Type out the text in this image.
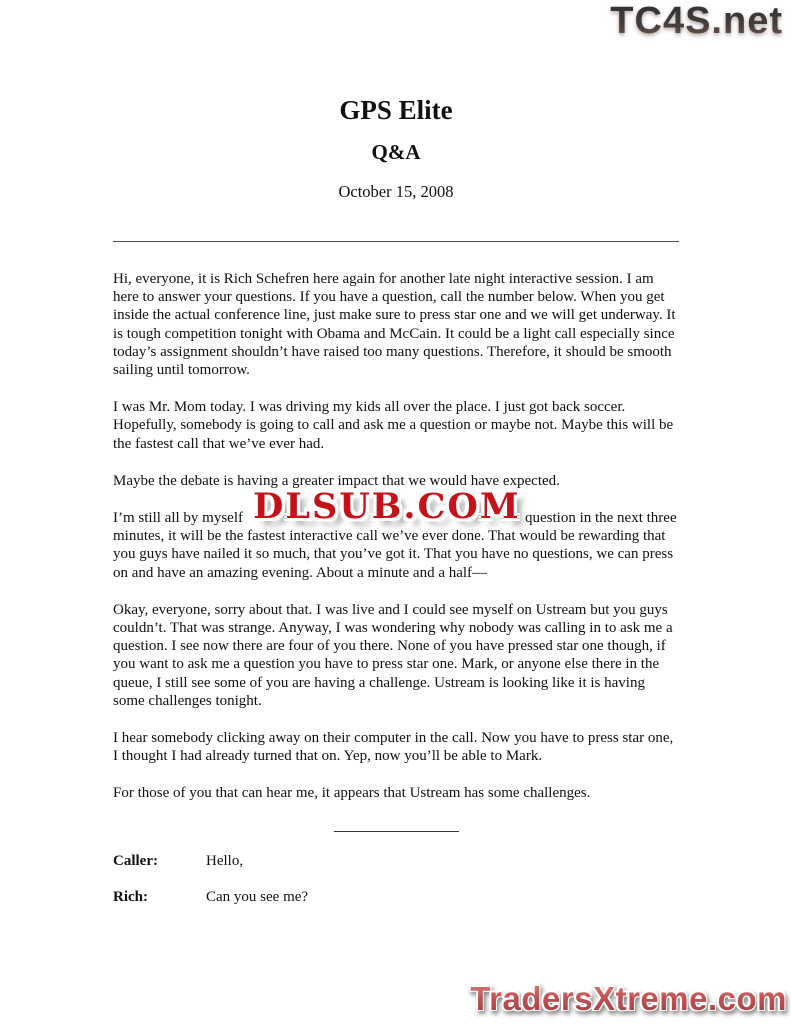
TC4S.net
GPS Elite
Q&A
October 15, 2008

Hi, everyone, it is Rich Schefren here again for another late night interactive session. I am here to answer your questions. If you have a question, call the number below. When you get inside the actual conference line, just make sure to press star one and we will get underway. It is tough competition tonight with Obama and McCain. It could be a light call especially since today’s assignment shouldn’t have raised too many questions. Therefore, it should be smooth sailing until tomorrow.

I was Mr. Mom today. I was driving my kids all over the place. I just got back soccer. Hopefully, somebody is going to call and ask me a question or maybe not. Maybe this will be the fastest call that we’ve ever had.

Maybe the debate is having a greater impact that we would have expected.

I’m still all by myself	question in the next three minutes, it will be the fastest interactive call we’ve ever done. That would be rewarding that you guys have nailed it so much, that you’ve got it. That you have no questions, we can press on and have an amazing evening. About a minute and a half—
DLSUB.COM

Okay, everyone, sorry about that. I was live and I could see myself on Ustream but you guys couldn’t. That was strange. Anyway, I was wondering why nobody was calling in to ask me a question. I see now there are four of you there. None of you have pressed star one though, if you want to ask me a question you have to press star one. Mark, or anyone else there in the queue, I still see some of you are having a challenge. Ustream is looking like it is having some challenges tonight.

I hear somebody clicking away on their computer in the call. Now you have to press star one, I thought I had already turned that on. Yep, now you’ll be able to Mark.

For those of you that can hear me, it appears that Ustream has some challenges.

Caller:	Hello,
Rich:	Can you see me?
TradersXtreme.com
